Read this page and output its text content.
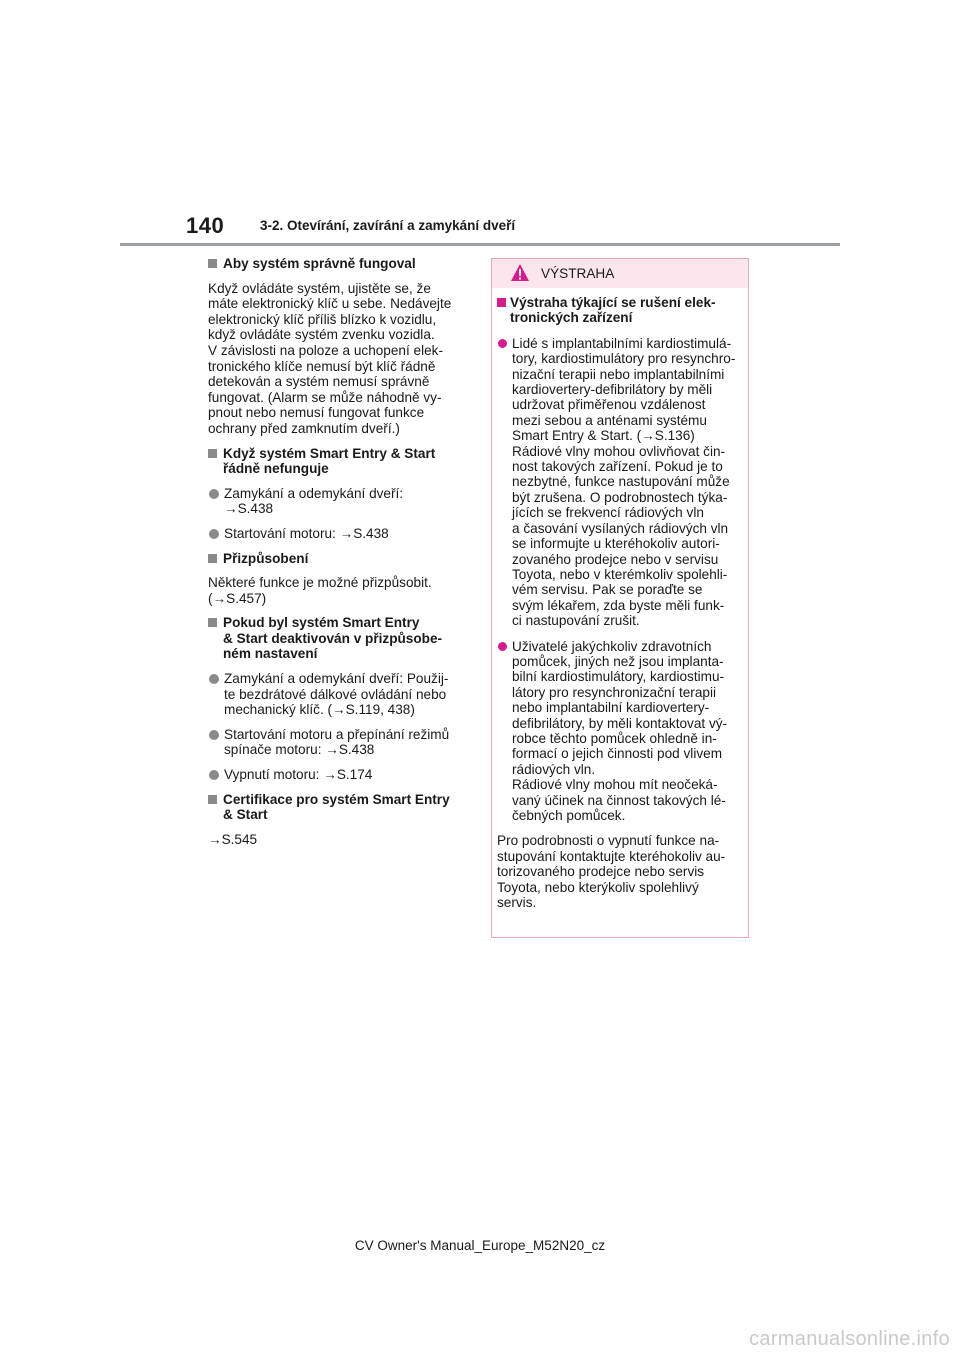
140	3-2. Otevírání, zavírání a zamykání dveří
Aby systém správně fungoval
Když ovládáte systém, ujistěte se, že
máte elektronický klíč u sebe. Nedávejte
elektronický klíč příliš blízko k vozidlu,
když ovládáte systém zvenku vozidla.
V závislosti na poloze a uchopení elek-
tronického klíče nemusí být klíč řádně
detekován a systém nemusí správně
fungovat. (Alarm se může náhodně vy-
pnout nebo nemusí fungovat funkce
ochrany před zamknutím dveří.)
Když systém Smart Entry & Start
řádně nefunguje
Zamykání a odemykání dveří:
→S.438
Startování motoru: →S.438
Přizpůsobení
Některé funkce je možné přizpůsobit.
(→S.457)
Pokud byl systém Smart Entry
& Start deaktivován v přizpůsobe-
ném nastavení
Zamykání a odemykání dveří: Použij-
te bezdrátové dálkové ovládání nebo
mechanický klíč. (→S.119, 438)
Startování motoru a přepínání režimů
spínače motoru: →S.438
Vypnutí motoru: →S.174
Certifikace pro systém Smart Entry
& Start
→S.545
VÝSTRAHA
Výstraha týkající se rušení elek-
tronických zařízení
Lidé s implantabilními kardiostimulá-
tory, kardiostimulátory pro resynchro-
nizační terapii nebo implantabilními
kardiovertery-defibrilátory by měli
udržovat přiměřenou vzdálenost
mezi sebou a anténami systému
Smart Entry & Start. (→S.136)
Rádiové vlny mohou ovlivňovat čin-
nost takových zařízení. Pokud je to
nezbytné, funkce nastupování může
být zrušena. O podrobnostech týka-
jících se frekvencí rádiových vln
a časování vysílaných rádiových vln
se informujte u kteréhokoliv autori-
zovaného prodejce nebo v servisu
Toyota, nebo v kterémkoliv spolehli-
vém servisu. Pak se poraďte se
svým lékařem, zda byste měli funk-
ci nastupování zrušit.
Uživatelé jakýchkoliv zdravotních
pomůcek, jiných než jsou implanta-
bilní kardiostimulátory, kardiostimu-
látory pro resynchronizační terapii
nebo implantabilní kardiovertery-
defibrilátory, by měli kontaktovat vý-
robce těchto pomůcek ohledně in-
formací o jejich činnosti pod vlivem
rádiových vln.
Rádiové vlny mohou mít neočeká-
vaný účinek na činnost takových lé-
čebných pomůcek.
Pro podrobnosti o vypnutí funkce na-
stupování kontaktujte kteréhokoliv au-
torizovaného prodejce nebo servis
Toyota, nebo kterýkoliv spolehlivý
servis.
CV Owner's Manual_Europe_M52N20_cz
carmanualsonline.info
